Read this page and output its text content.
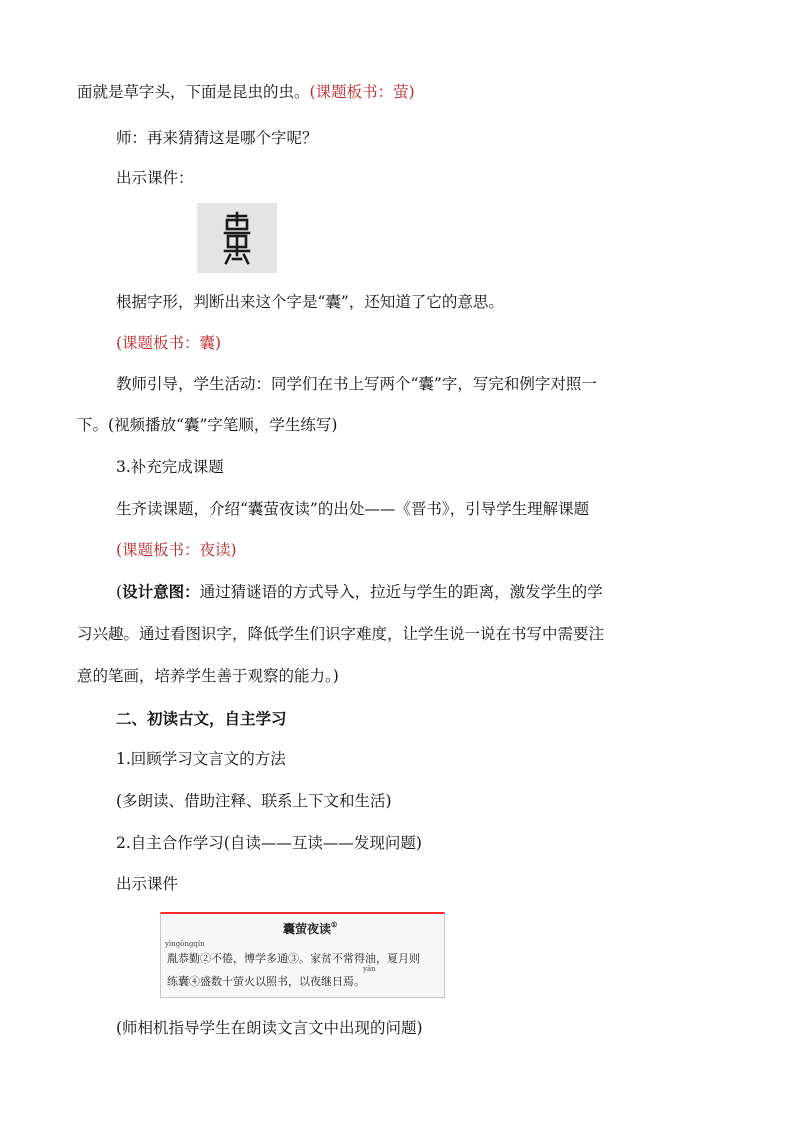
面就是草字头，下面是昆虫的虫。(课题板书：萤)
师：再来猜猜这是哪个字呢？
出示课件：
根据字形，判断出来这个字是“囊”，还知道了它的意思。
(课题板书：囊)
教师引导，学生活动：同学们在书上写两个“囊”字，写完和例字对照一
下。(视频播放“囊”字笔顺，学生练写)
3.补充完成课题
生齐读课题，介绍“囊萤夜读”的出处——《晋书》，引导学生理解课题
(课题板书：夜读)
(设计意图：通过猜谜语的方式导入，拉近与学生的距离，激发学生的学
习兴趣。通过看图识字，降低学生们识字难度，让学生说一说在书写中需要注
意的笔画，培养学生善于观察的能力。)
二、初读古文，自主学习
1.回顾学习文言文的方法
(多朗读、借助注释、联系上下文和生活)
2.自主合作学习(自读——互读——发现问题)
出示课件
囊萤夜读①
yìngōngqín
胤恭勤②不倦，博学多通③。家贫不常得油，夏月则
yān
练囊④盛数十萤火以照书，以夜继日焉。
(师相机指导学生在朗读文言文中出现的问题)
